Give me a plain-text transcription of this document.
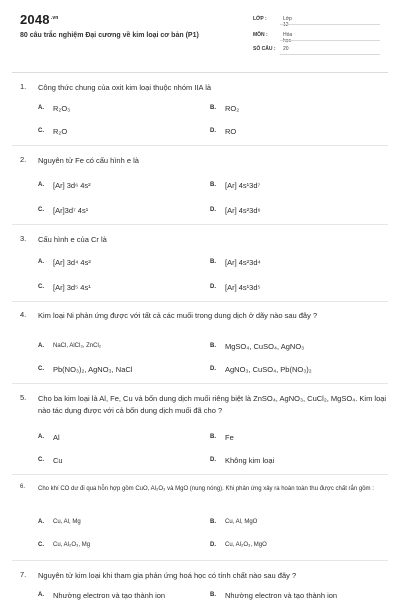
$2048^{.vn}$
80 câu trắc nghiệm Đại cương về kim loại cơ bản (P1)
LỚP :	Lớp 12
MÔN :	Hóa học
SỐ CÂU :	20
1. Công thức chung của oxit kim loại thuộc nhóm IIA là
A. R₂O₃	B. RO₂
C. R₂O	D. RO
2. Nguyên tử Fe có cấu hình e là
A. [Ar] 3d⁶ 4s²	B. [Ar] 4s¹3d⁷
C. [Ar]3d⁷ 4s¹	D. [Ar] 4s²3d⁶
3. Cấu hình e của Cr là
A. [Ar] 3d⁴ 4s²	B. [Ar] 4s²3d⁴
C. [Ar] 3d⁵ 4s¹	D. [Ar] 4s¹3d⁵
4. Kim loại Ni phản ứng được với tất cả các muối trong dung dịch ở dãy nào sau đây ?
A. NaCl, AlCl₃, ZnCl₂	B. MgSO₄, CuSO₄, AgNO₃
C. Pb(NO₃)₂, AgNO₃, NaCl	D. AgNO₃, CuSO₄, Pb(NO₃)₂
5. Cho ba kim loại là Al, Fe, Cu và bốn dung dịch muối riêng biệt là ZnSO₄, AgNO₃, CuCl₂, MgSO₄. Kim loại nào tác dụng được với cả bốn dung dịch muối đã cho ?
A. Al	B. Fe
C. Cu	D. Không kim loại
6. Cho khí CO dư đi qua hỗn hợp gồm CuO, Al₂O₃ và MgO (nung nóng). Khi phản ứng xảy ra hoàn toàn thu được chất rắn gồm :
A. Cu, Al, Mg	B. Cu, Al, MgO
C. Cu, Al₂O₃, Mg	D. Cu, Al₂O₃, MgO
7. Nguyên tử kim loại khi tham gia phản ứng hoá học có tính chất nào sau đây ?
A. Nhường electron và tạo thành ion	B. Nhường electron và tạo thành ion
